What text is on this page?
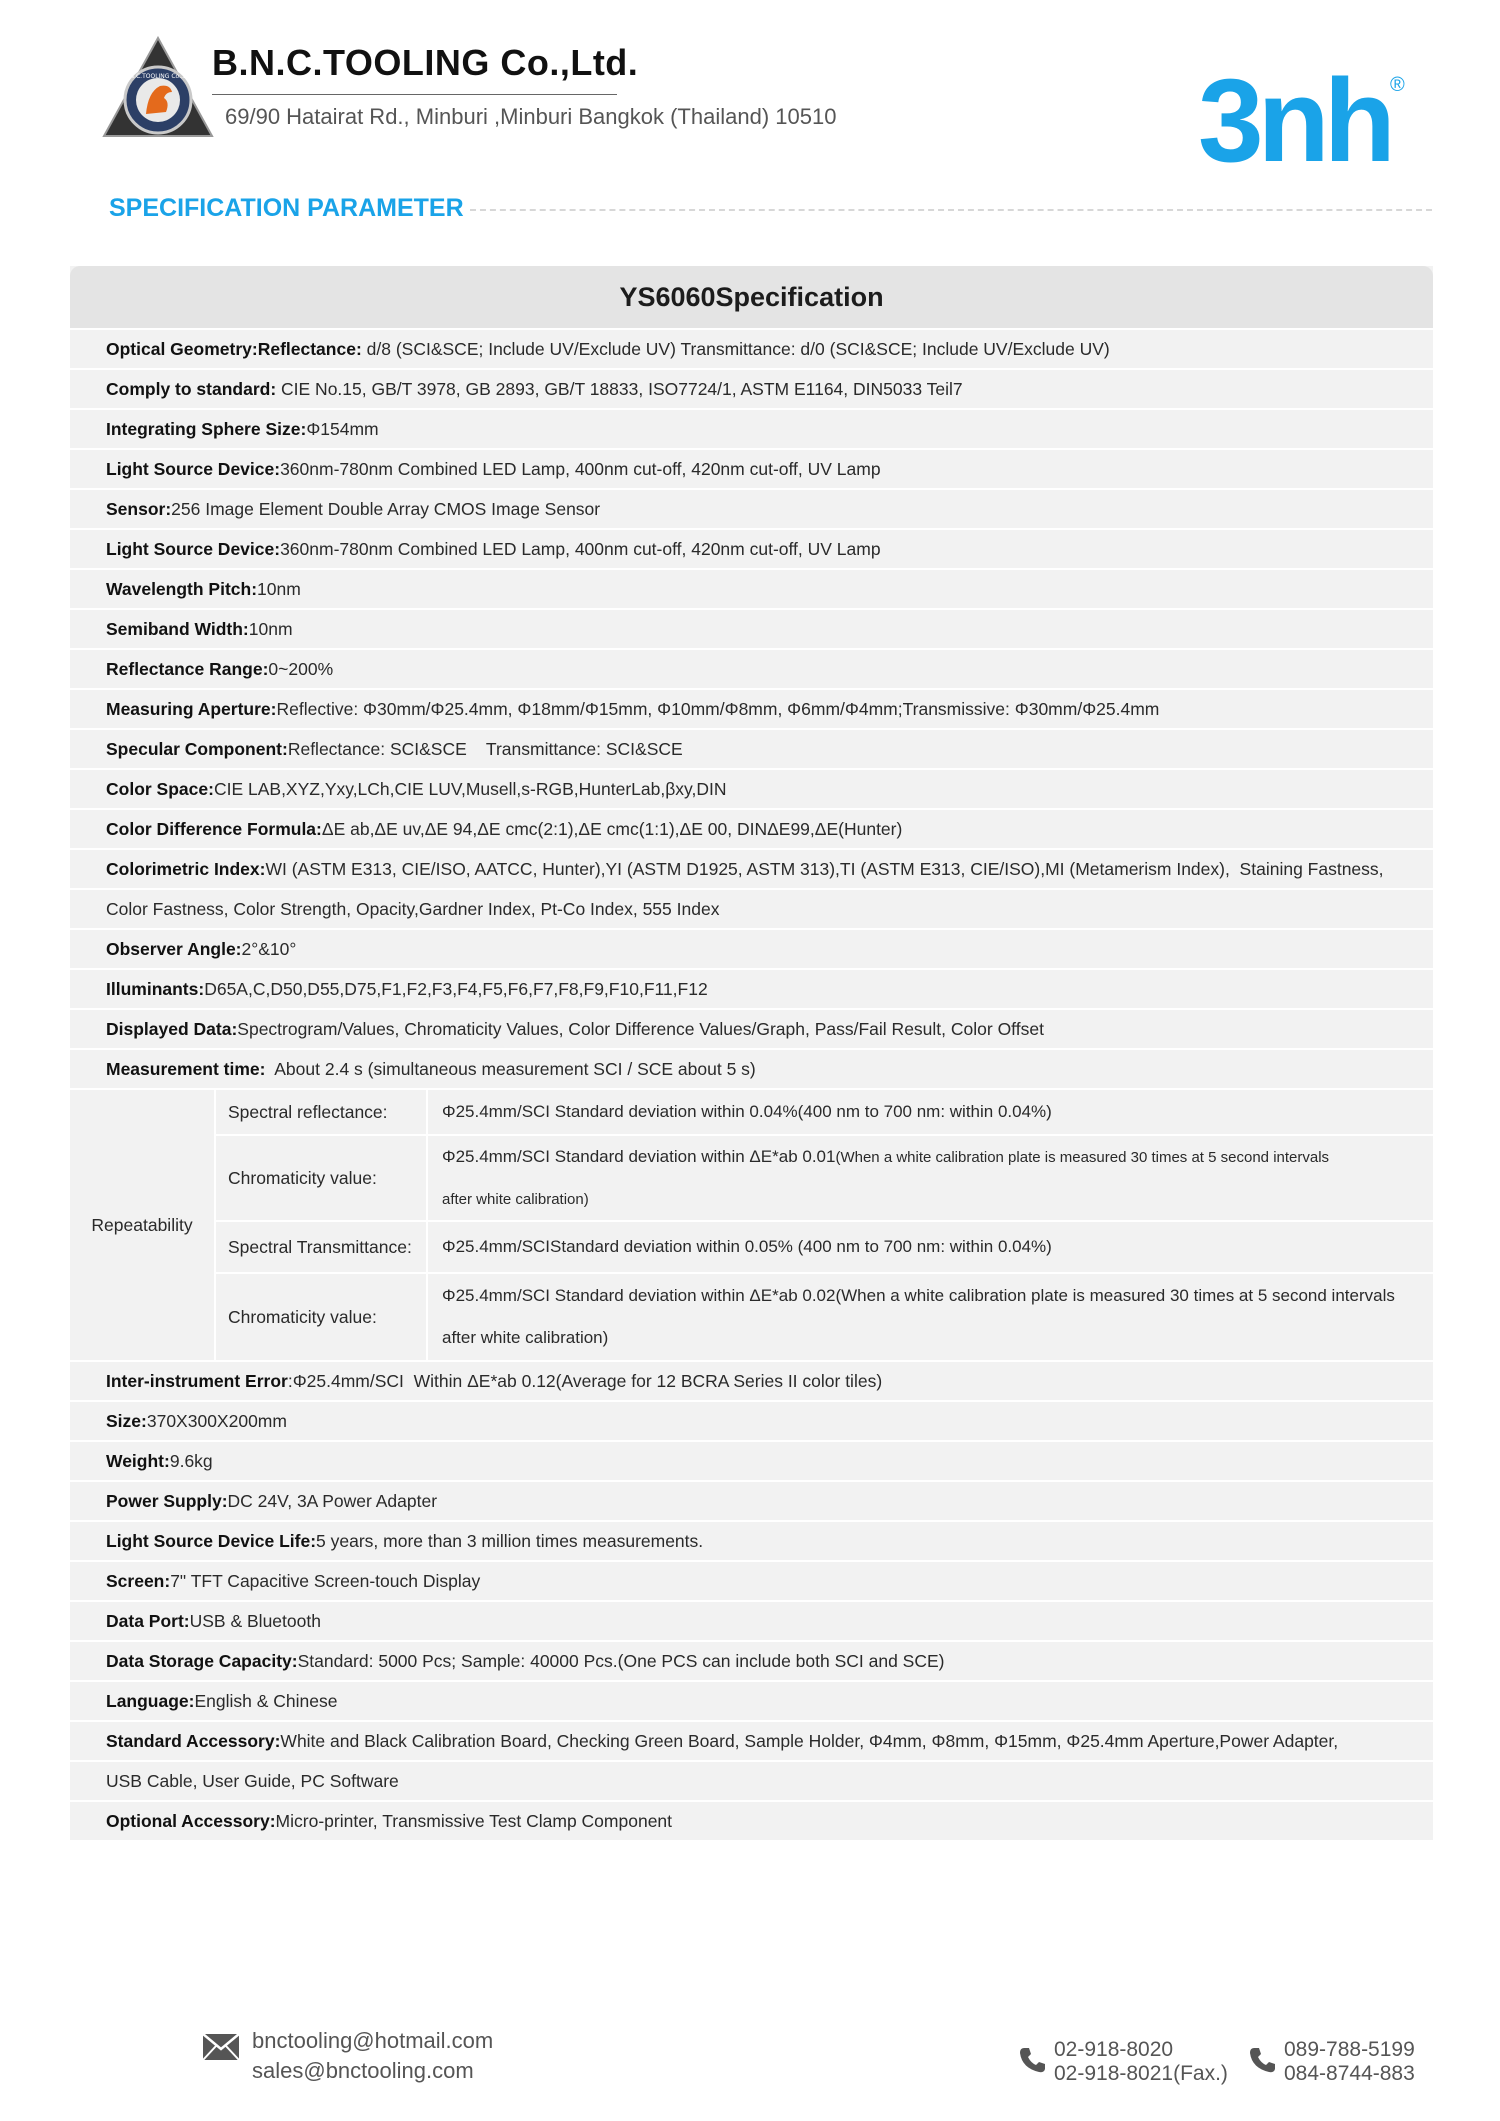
B.N.C.TOOLING Co.,Ltd B.N.C.TOOLING Co.,Ltd.
69/90 Hatairat Rd., Minburi ,Minburi Bangkok (Thailand) 10510	3nh ®
SPECIFICATION PARAMETER
YS6060Specification
Optical Geometry:Reflectance: d/8 (SCI&SCE; Include UV/Exclude UV) Transmittance: d/0 (SCI&SCE; Include UV/Exclude UV)
Comply to standard: CIE No.15, GB/T 3978, GB 2893, GB/T 18833, ISO7724/1, ASTM E1164, DIN5033 Teil7
Integrating Sphere Size: Φ154mm
Light Source Device: 360nm-780nm Combined LED Lamp, 400nm cut-off, 420nm cut-off, UV Lamp
Sensor: 256 Image Element Double Array CMOS Image Sensor
Light Source Device: 360nm-780nm Combined LED Lamp, 400nm cut-off, 420nm cut-off, UV Lamp
Wavelength Pitch: 10nm
Semiband Width: 10nm
Reflectance Range: 0~200%
Measuring Aperture: Reflective: Φ30mm/Φ25.4mm, Φ18mm/Φ15mm, Φ10mm/Φ8mm, Φ6mm/Φ4mm;Transmissive: Φ30mm/Φ25.4mm
Specular Component: Reflectance: SCI&SCE    Transmittance: SCI&SCE
Color Space: CIE LAB,XYZ,Yxy,LCh,CIE LUV,Musell,s-RGB,HunterLab,βxy,DIN
Color Difference Formula: ΔE ab,ΔE uv,ΔE 94,ΔE cmc(2:1),ΔE cmc(1:1),ΔE 00, DINΔE99,ΔE(Hunter)
Colorimetric Index: WI (ASTM E313, CIE/ISO, AATCC, Hunter),YI (ASTM D1925, ASTM 313),TI (ASTM E313, CIE/ISO),MI (Metamerism Index),  Staining Fastness,
Color Fastness, Color Strength, Opacity,Gardner Index, Pt-Co Index, 555 Index
Observer Angle: 2°&10°
Illuminants: D65A,C,D50,D55,D75,F1,F2,F3,F4,F5,F6,F7,F8,F9,F10,F11,F12
Displayed Data: Spectrogram/Values, Chromaticity Values, Color Difference Values/Graph, Pass/Fail Result, Color Offset
Measurement time: About 2.4 s (simultaneous measurement SCI / SCE about 5 s)
Repeatability
Spectral reflectance:	Φ25.4mm/SCI Standard deviation within 0.04%(400 nm to 700 nm: within 0.04%)
Chromaticity value:
Φ25.4mm/SCI Standard deviation within ΔE*ab 0.01(When a white calibration plate is measured 30 times at 5 second intervals
after white calibration)
Spectral Transmittance:	Φ25.4mm/SCIStandard deviation within 0.05% (400 nm to 700 nm: within 0.04%)
Chromaticity value:
Φ25.4mm/SCI Standard deviation within ΔE*ab 0.02(When a white calibration plate is measured 30 times at 5 second intervals
after white calibration)
Inter-instrument Error :Φ25.4mm/SCI  Within ΔE*ab 0.12(Average for 12 BCRA Series II color tiles)
Size: 370X300X200mm
Weight: 9.6kg
Power Supply: DC 24V, 3A Power Adapter
Light Source Device Life: 5 years, more than 3 million times measurements.
Screen: 7" TFT Capacitive Screen-touch Display
Data Port: USB & Bluetooth
Data Storage Capacity: Standard: 5000 Pcs; Sample: 40000 Pcs.(One PCS can include both SCI and SCE)
Language: English & Chinese
Standard Accessory: White and Black Calibration Board, Checking Green Board, Sample Holder, Φ4mm, Φ8mm, Φ15mm, Φ25.4mm Aperture,Power Adapter,
USB Cable, User Guide, PC Software
Optional Accessory: Micro-printer, Transmissive Test Clamp Component
bnctooling@hotmail.com
sales@bnctooling.com
02-918-8020
02-918-8021(Fax.)
089-788-5199
084-8744-883
